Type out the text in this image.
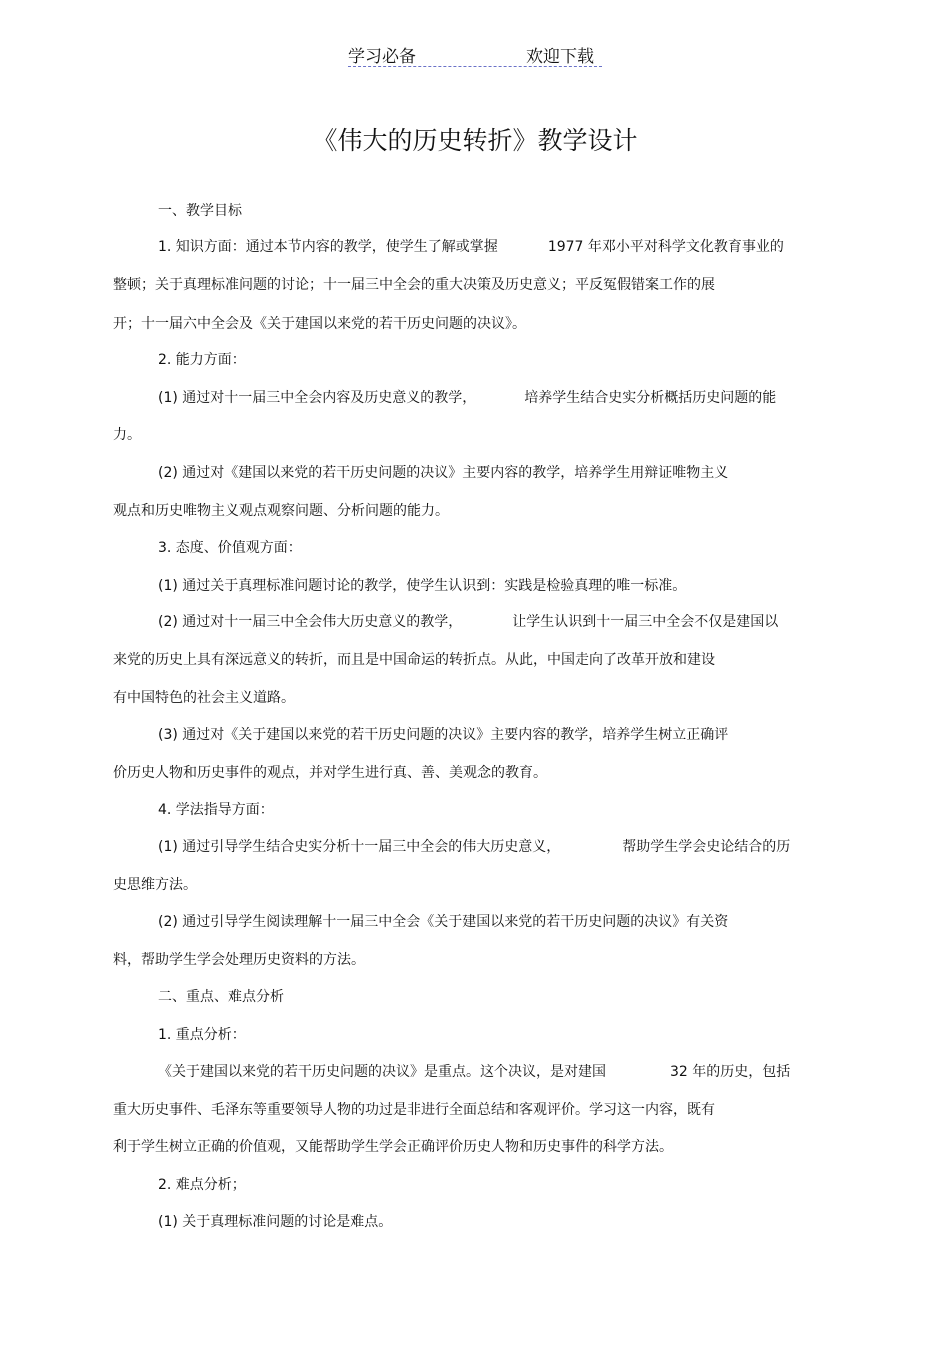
学习必备	欢迎下载
《伟大的历史转折》教学设计
一、教学目标
1. 知识方面：通过本节内容的教学，使学生了解或掌握	1977 年邓小平对科学文化教育事业的
整顿；关于真理标准问题的讨论；十一届三中全会的重大决策及历史意义；平反冤假错案工作的展
开；十一届六中全会及《关于建国以来党的若干历史问题的决议》。
2. 能力方面：
(1) 通过对十一届三中全会内容及历史意义的教学，	培养学生结合史实分析概括历史问题的能
力。
(2) 通过对《建国以来党的若干历史问题的决议》主要内容的教学，培养学生用辩证唯物主义
观点和历史唯物主义观点观察问题、分析问题的能力。
3. 态度、价值观方面：
(1) 通过关于真理标准问题讨论的教学，使学生认识到：实践是检验真理的唯一标准。
(2) 通过对十一届三中全会伟大历史意义的教学，	让学生认识到十一届三中全会不仅是建国以
来党的历史上具有深远意义的转折，而且是中国命运的转折点。从此，中国走向了改革开放和建设
有中国特色的社会主义道路。
(3) 通过对《关于建国以来党的若干历史问题的决议》主要内容的教学，培养学生树立正确评
价历史人物和历史事件的观点，并对学生进行真、善、美观念的教育。
4. 学法指导方面：
(1) 通过引导学生结合史实分析十一届三中全会的伟大历史意义，	帮助学生学会史论结合的历
史思维方法。
(2) 通过引导学生阅读理解十一届三中全会《关于建国以来党的若干历史问题的决议》有关资
料，帮助学生学会处理历史资料的方法。
二、重点、难点分析
1. 重点分析：
《关于建国以来党的若干历史问题的决议》是重点。这个决议，是对建国	32 年的历史，包括
重大历史事件、毛泽东等重要领导人物的功过是非进行全面总结和客观评价。学习这一内容，既有
利于学生树立正确的价值观，又能帮助学生学会正确评价历史人物和历史事件的科学方法。
2. 难点分析；
(1) 关于真理标准问题的讨论是难点。
